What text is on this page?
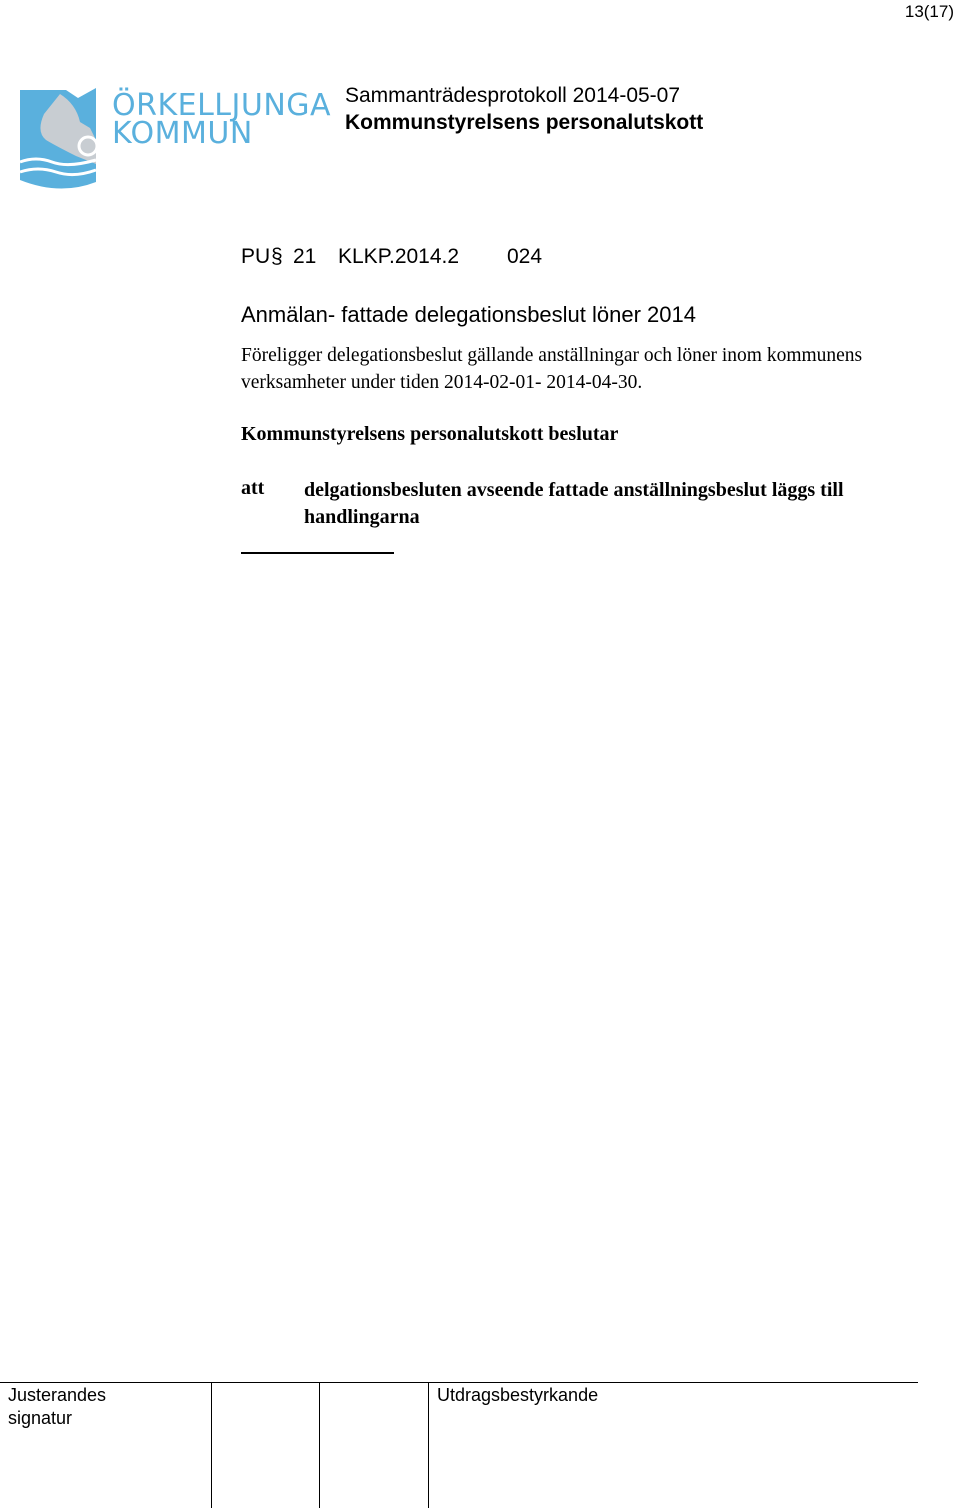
13(17)
ÖRKELLJUNGA
KOMMUN
Sammanträdesprotokoll 2014-05-07
Kommunstyrelsens personalutskott
PU§ 21 KLKP.2014.2 024
Anmälan- fattade delegationsbeslut löner 2014
Föreligger delegationsbeslut gällande anställningar och löner inom kommunens verksamheter under tiden 2014-02-01- 2014-04-30.
Kommunstyrelsens personalutskott beslutar
att delgationsbesluten avseende fattade anställningsbeslut läggs till handlingarna
Justerandes
signatur
Utdragsbestyrkande
